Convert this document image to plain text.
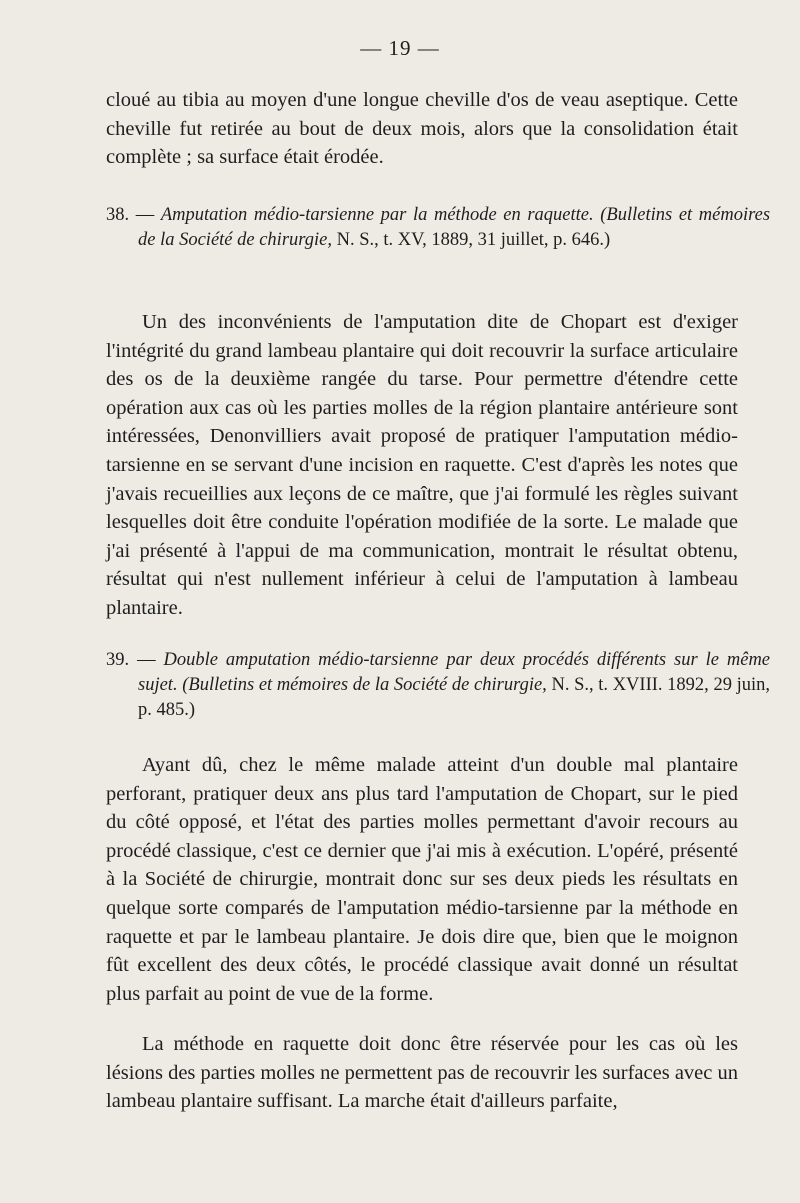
— 19 —
cloué au tibia au moyen d'une longue cheville d'os de veau aseptique. Cette cheville fut retirée au bout de deux mois, alors que la consolidation était complète ; sa surface était érodée.
38. — Amputation médio-tarsienne par la méthode en raquette. (Bulletins et mémoires de la Société de chirurgie, N. S., t. XV, 1889, 31 juillet, p. 646.)
Un des inconvénients de l'amputation dite de Chopart est d'exiger l'intégrité du grand lambeau plantaire qui doit recouvrir la surface articulaire des os de la deuxième rangée du tarse. Pour permettre d'étendre cette opération aux cas où les parties molles de la région plantaire antérieure sont intéressées, Denonvilliers avait proposé de pratiquer l'amputation médio-tarsienne en se servant d'une incision en raquette. C'est d'après les notes que j'avais recueillies aux leçons de ce maître, que j'ai formulé les règles suivant lesquelles doit être conduite l'opération modifiée de la sorte. Le malade que j'ai présenté à l'appui de ma communication, montrait le résultat obtenu, résultat qui n'est nullement inférieur à celui de l'amputation à lambeau plantaire.
39. — Double amputation médio-tarsienne par deux procédés différents sur le même sujet. (Bulletins et mémoires de la Société de chirurgie, N. S., t. XVIII. 1892, 29 juin, p. 485.)
Ayant dû, chez le même malade atteint d'un double mal plantaire perforant, pratiquer deux ans plus tard l'amputation de Chopart, sur le pied du côté opposé, et l'état des parties molles permettant d'avoir recours au procédé classique, c'est ce dernier que j'ai mis à exécution. L'opéré, présenté à la Société de chirurgie, montrait donc sur ses deux pieds les résultats en quelque sorte comparés de l'amputation médio-tarsienne par la méthode en raquette et par le lambeau plantaire. Je dois dire que, bien que le moignon fût excellent des deux côtés, le procédé classique avait donné un résultat plus parfait au point de vue de la forme.
La méthode en raquette doit donc être réservée pour les cas où les lésions des parties molles ne permettent pas de recouvrir les surfaces avec un lambeau plantaire suffisant. La marche était d'ailleurs parfaite,
